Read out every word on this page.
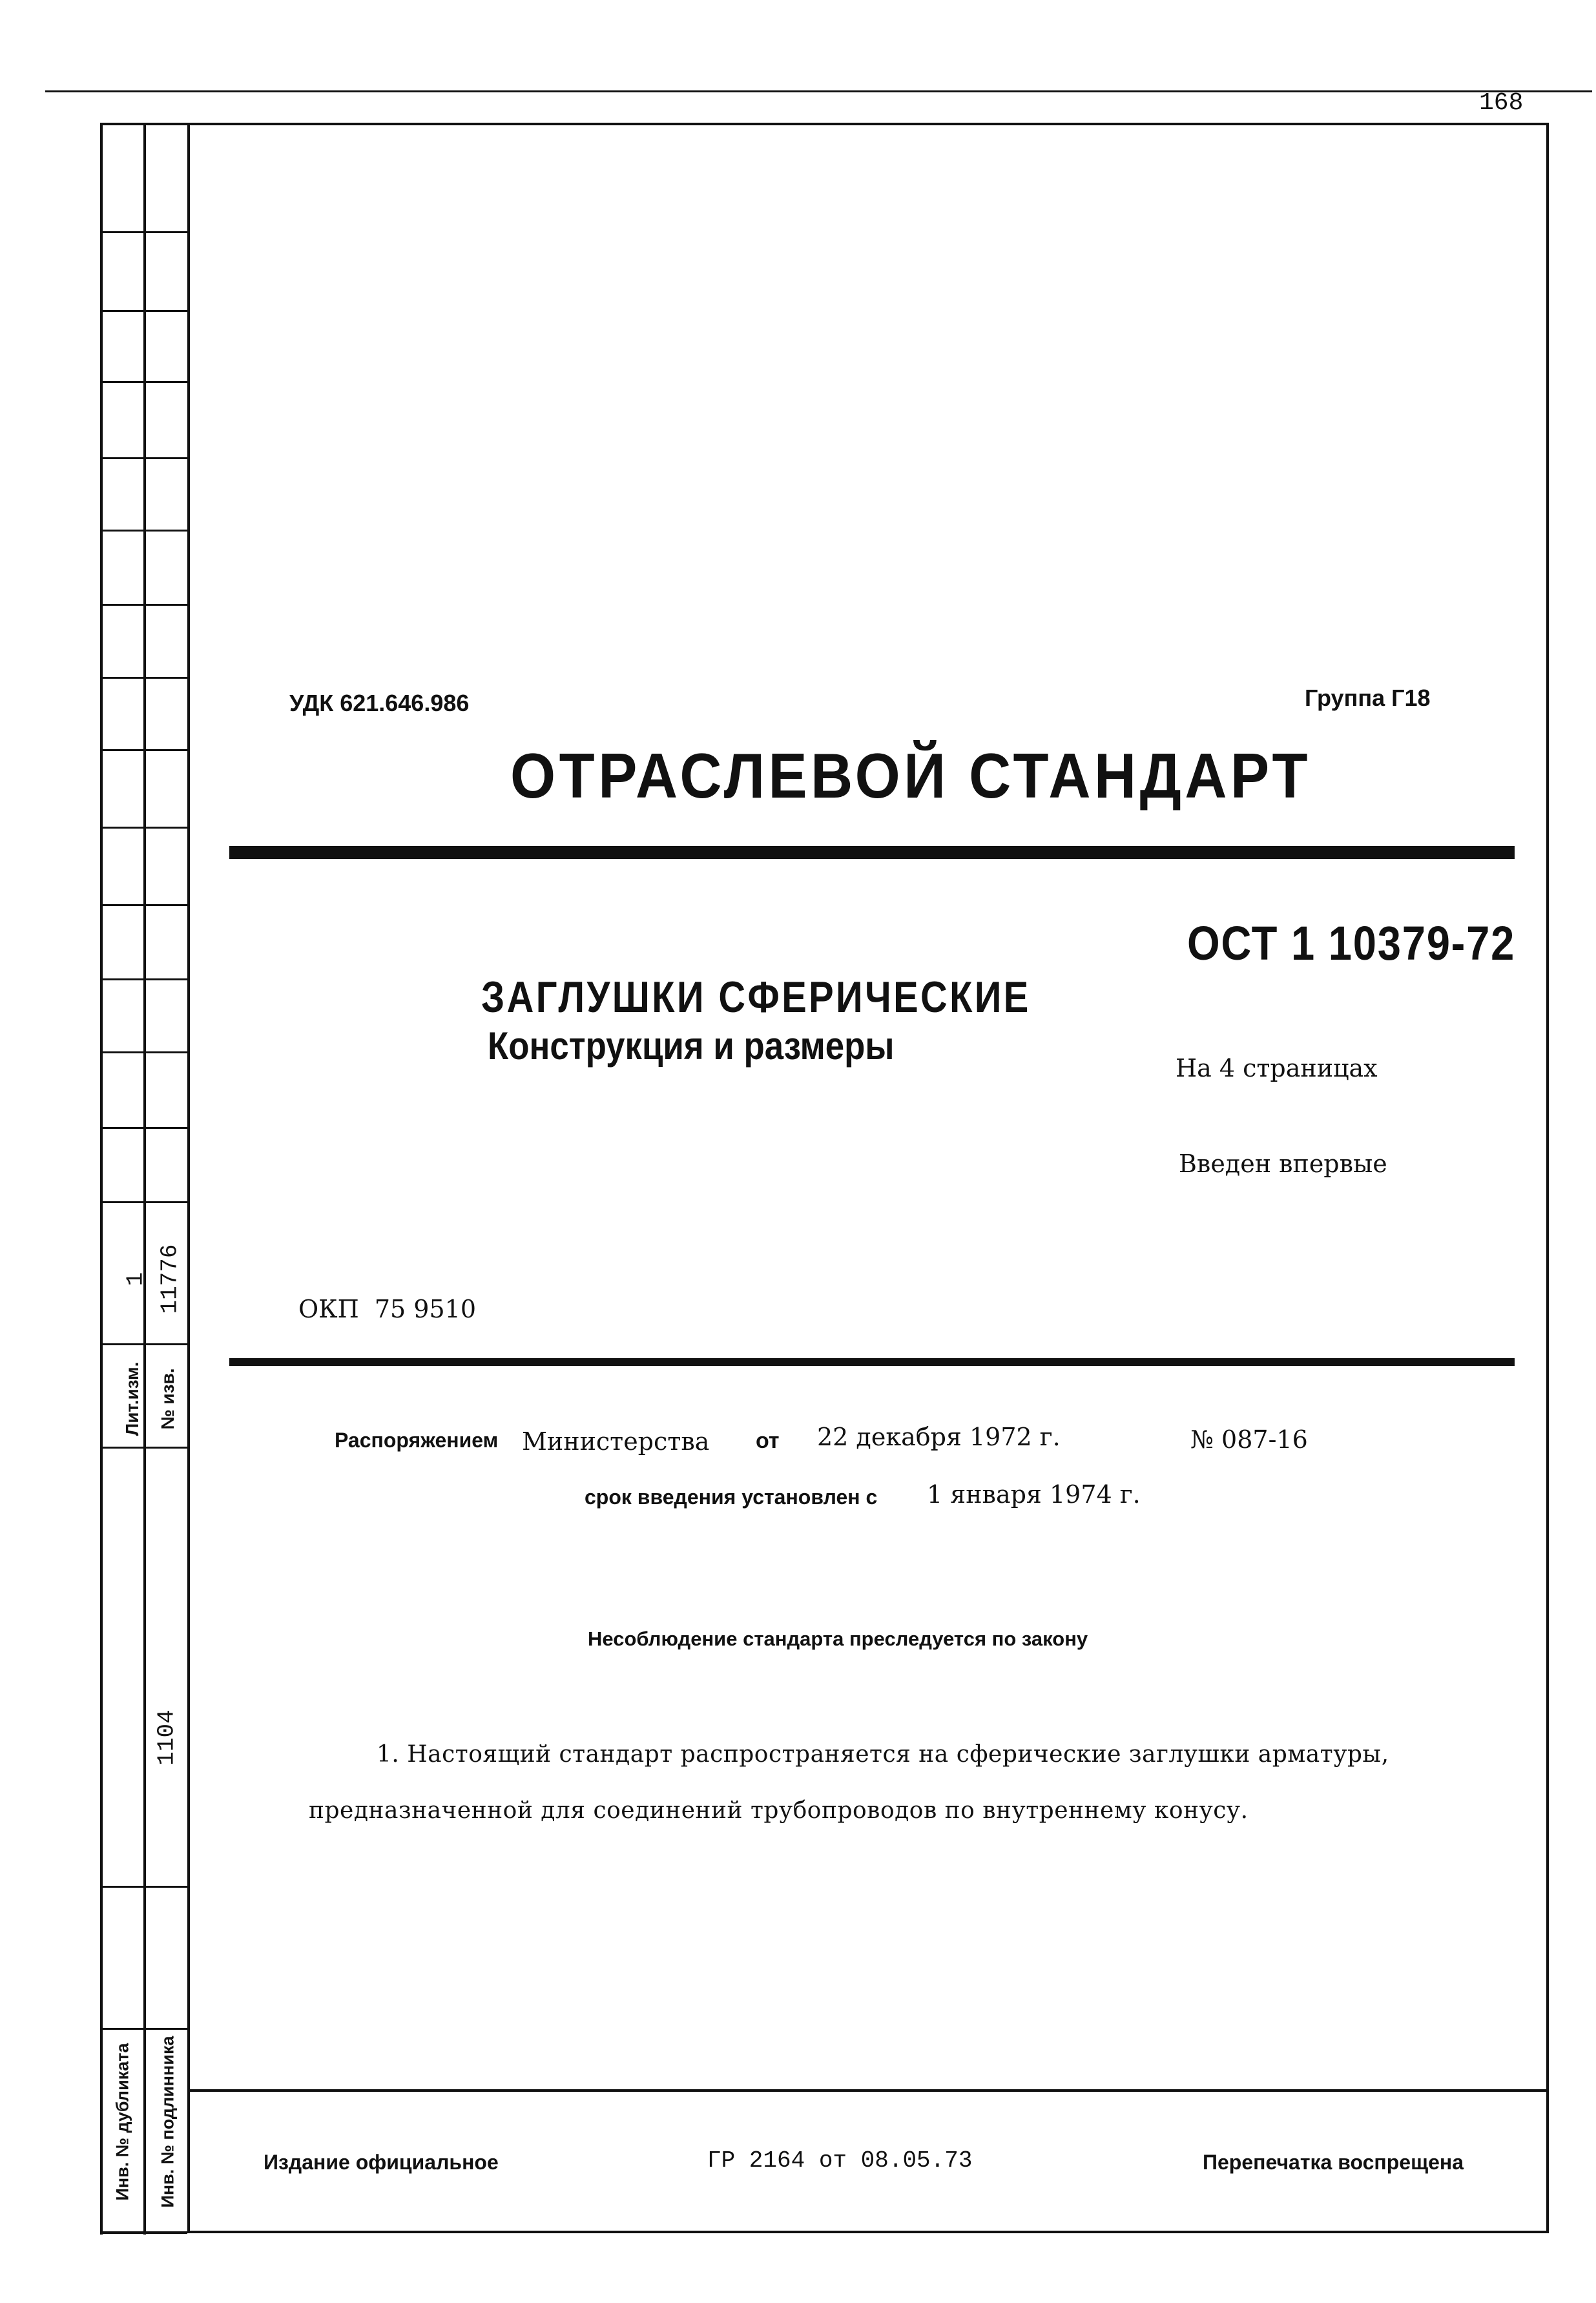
168
1 11776
Лит.изм. № изв.
1104
Инв. № дубликата Инв. № подлинника
УДК 621.646.986	Группа Г18
ОТРАСЛЕВОЙ СТАНДАРТ
ОСТ 1 10379-72
ЗАГЛУШКИ СФЕРИЧЕСКИЕ
Конструкция и размеры
На 4 страницах
Введен впервые
ОКП  75 9510
Распоряжением Министерства от 22 декабря 1972 г.	№ 087-16
срок введения установлен с 1 января 1974 г.
Несоблюдение стандарта преследуется по закону
1. Настоящий стандарт распространяется на сферические заглушки арматуры,
предназначенной для соединений трубопроводов по внутреннему конусу.
Издание официальное	ГР 2164 от 08.05.73	Перепечатка воспрещена
